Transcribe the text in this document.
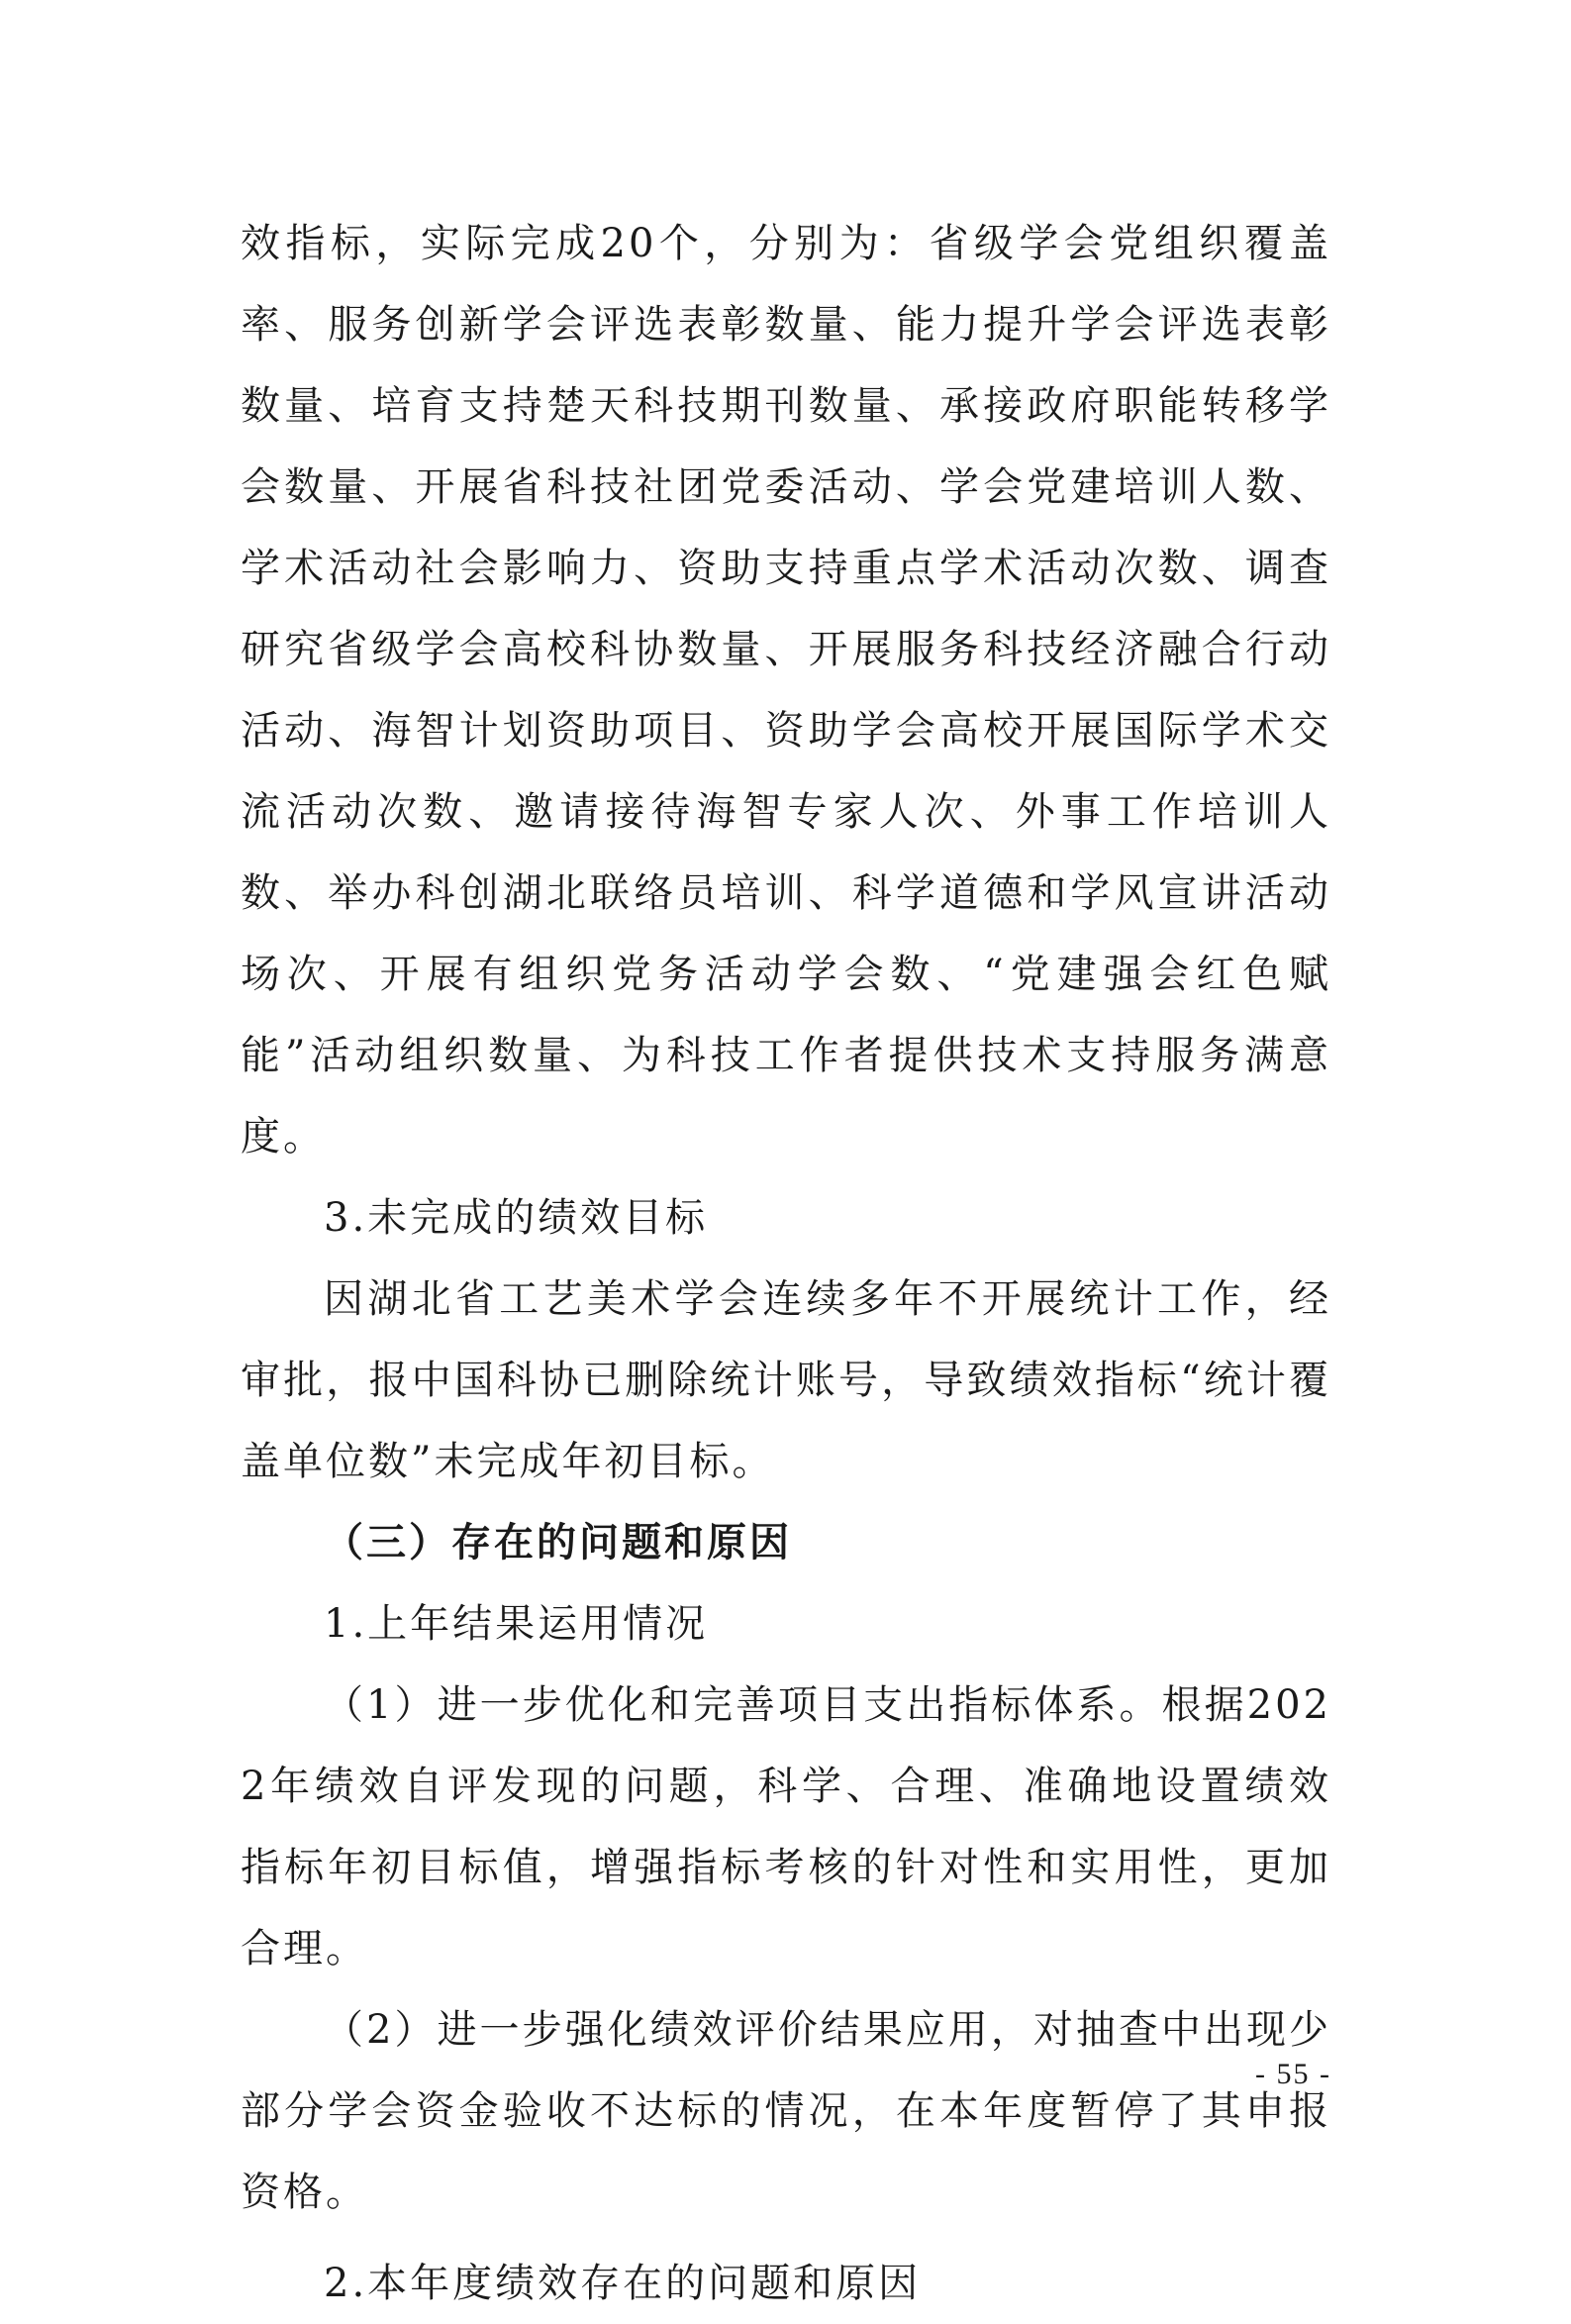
效指标，实际完成20个，分别为：省级学会党组织覆盖率、服务创新学会评选表彰数量、能力提升学会评选表彰数量、培育支持楚天科技期刊数量、承接政府职能转移学会数量、开展省科技社团党委活动、学会党建培训人数、学术活动社会影响力、资助支持重点学术活动次数、调查研究省级学会高校科协数量、开展服务科技经济融合行动活动、海智计划资助项目、资助学会高校开展国际学术交流活动次数、邀请接待海智专家人次、外事工作培训人数、举办科创湖北联络员培训、科学道德和学风宣讲活动场次、开展有组织党务活动学会数、“党建强会红色赋能”活动组织数量、为科技工作者提供技术支持服务满意度。

3.未完成的绩效目标

因湖北省工艺美术学会连续多年不开展统计工作，经审批，报中国科协已删除统计账号，导致绩效指标“统计覆盖单位数”未完成年初目标。

（三）存在的问题和原因

1.上年结果运用情况

（1）进一步优化和完善项目支出指标体系。根据2022年绩效自评发现的问题，科学、合理、准确地设置绩效指标年初目标值，增强指标考核的针对性和实用性，更加合理。

（2）进一步强化绩效评价结果应用，对抽查中出现少部分学会资金验收不达标的情况，在本年度暂停了其申报资格。

2.本年度绩效存在的问题和原因

- 55 -
